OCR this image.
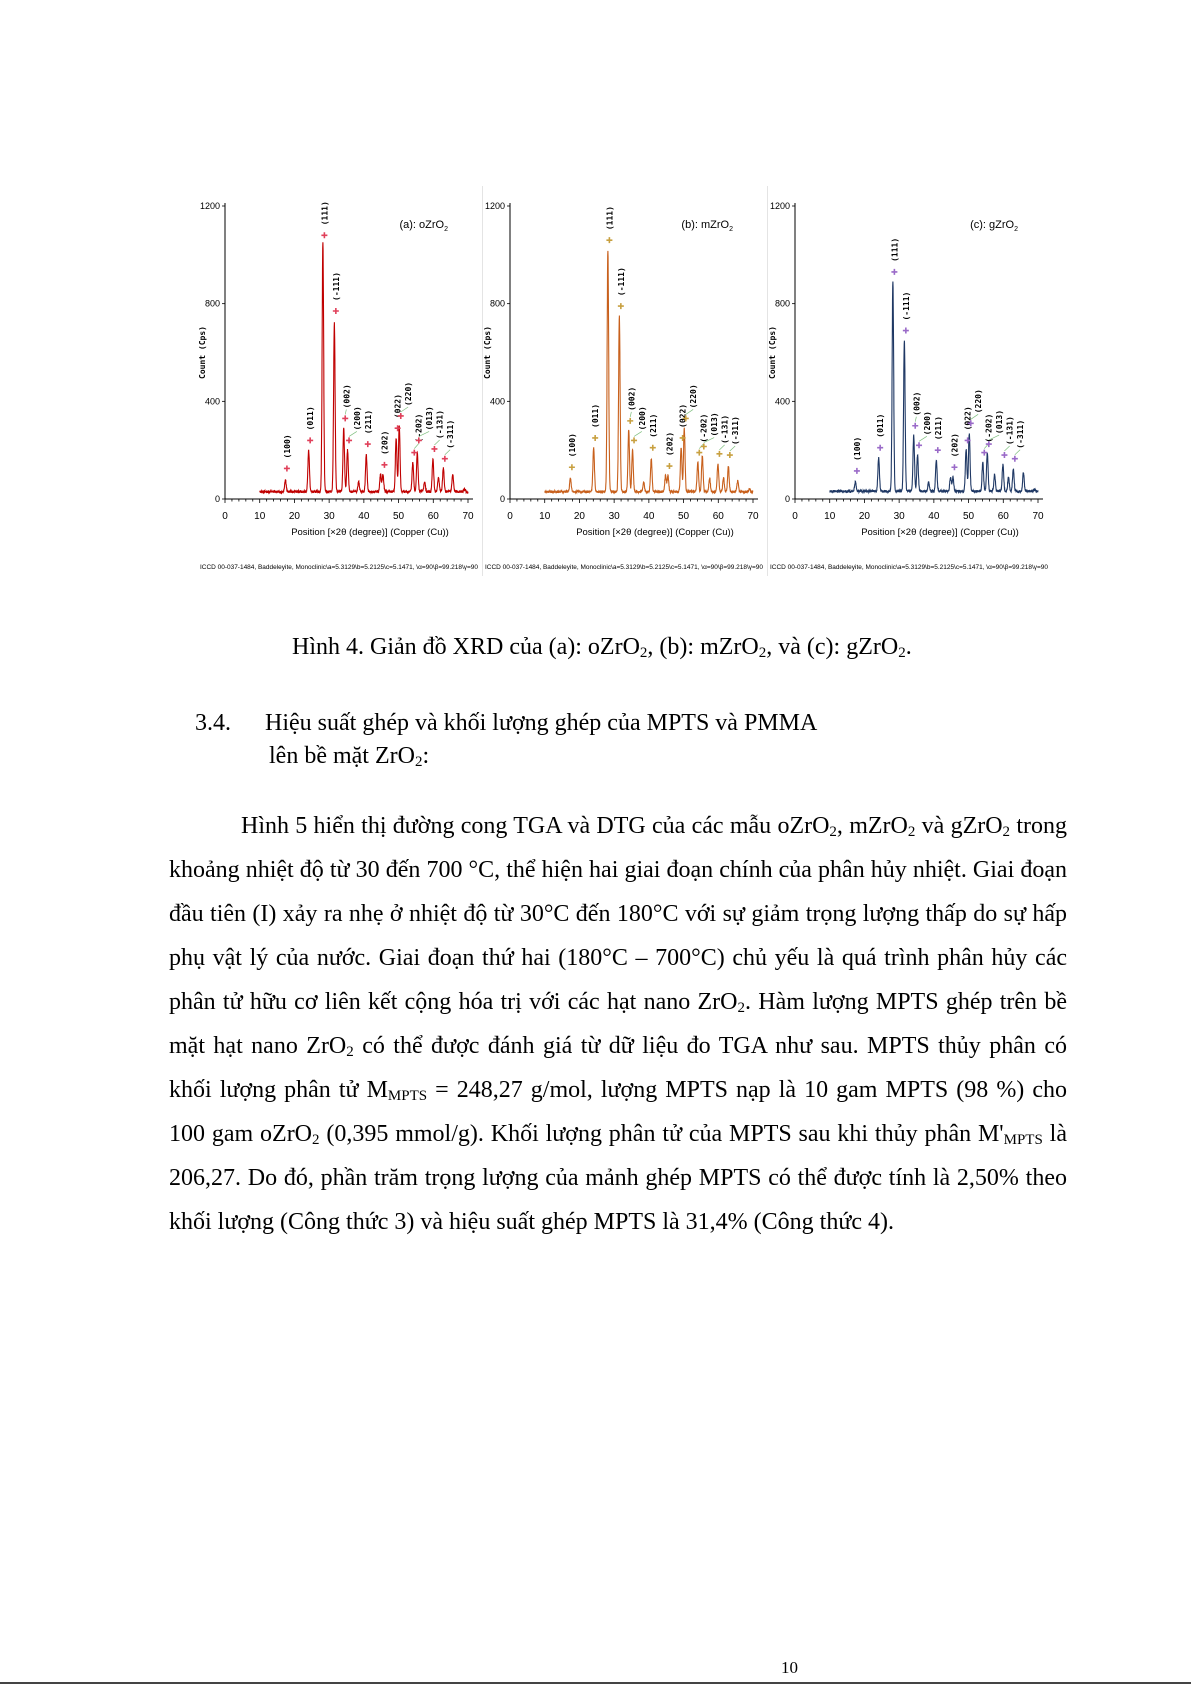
0	10 20 30 40 50 60 70
0
400
800
1200
Position [×2θ (degree)] (Copper (Cu))
Count (Cps)
(a): oZrO$_2$
ICCD 00-037-1484, Baddeleyite, Monoclinic\a=5.3129\b=5.2125\c=5.1471, \α=90\β=99.218\γ=90
(100)
(011)
(111)
(-111)
(002)
(200) (211)
(202)
(022)
(220)
(-202) (013) (-131) (-311)
0	10 20 30 40 50 60 70
0
400
800
1200
Position [×2θ (degree)] (Copper (Cu))
Count (Cps)
(b): mZrO$_2$
ICCD 00-037-1484, Baddeleyite, Monoclinic\a=5.3129\b=5.2125\c=5.1471, \α=90\β=99.218\γ=90
(100)
(011)
(111)
(-111)
(002)
(200) (211)
(202)
(022)
(220)
(-202) (013) (-131) (-311)
0	10 20 30 40 50 60 70
0
400
800
1200
Position [×2θ (degree)] (Copper (Cu))
Count (Cps)
(c): gZrO$_2$
ICCD 00-037-1484, Baddeleyite, Monoclinic\a=5.3129\b=5.2125\c=5.1471, \α=90\β=99.218\γ=90
(100)
(011)
(111)
(-111)
(002)
(200) (211)
(202)
(022)
(220)
(-202) (013) (-131) (-311)
Hình 4. Giản đồ XRD của (a): oZrO$_2$, (b): mZrO$_2$, và (c): gZrO$_2$.
3.4. Hiệu suất ghép và khối lượng ghép của MPTS và PMMA
lên bề mặt ZrO$_2$:
Hình 5 hiển thị đường cong TGA và DTG của các mẫu oZrO$_2$, mZrO$_2$ và gZrO$_2$ trong khoảng nhiệt độ từ 30 đến 700 °C, thể hiện hai giai đoạn chính của phân hủy nhiệt. Giai đoạn đầu tiên (I) xảy ra nhẹ ở nhiệt độ từ 30°C đến 180°C với sự giảm trọng lượng thấp do sự hấp phụ vật lý của nước. Giai đoạn thứ hai (180°C – 700°C) chủ yếu là quá trình phân hủy các phân tử hữu cơ liên kết cộng hóa trị với các hạt nano ZrO$_2$. Hàm lượng MPTS ghép trên bề mặt hạt nano ZrO$_2$ có thể được đánh giá từ dữ liệu đo TGA như sau. MPTS thủy phân có khối lượng phân tử $M_{MPTS} = 248,27$ g/mol, lượng MPTS nạp là 10 gam MPTS (98 %) cho 100 gam oZrO$_2$ (0,395 mmol/g). Khối lượng phân tử của MPTS sau khi thủy phân $M'_{MPTS}$ là 206,27. Do đó, phần trăm trọng lượng của mảnh ghép MPTS có thể được tính là 2,50% theo khối lượng (Công thức 3) và hiệu suất ghép MPTS là 31,4% (Công thức 4).
10
